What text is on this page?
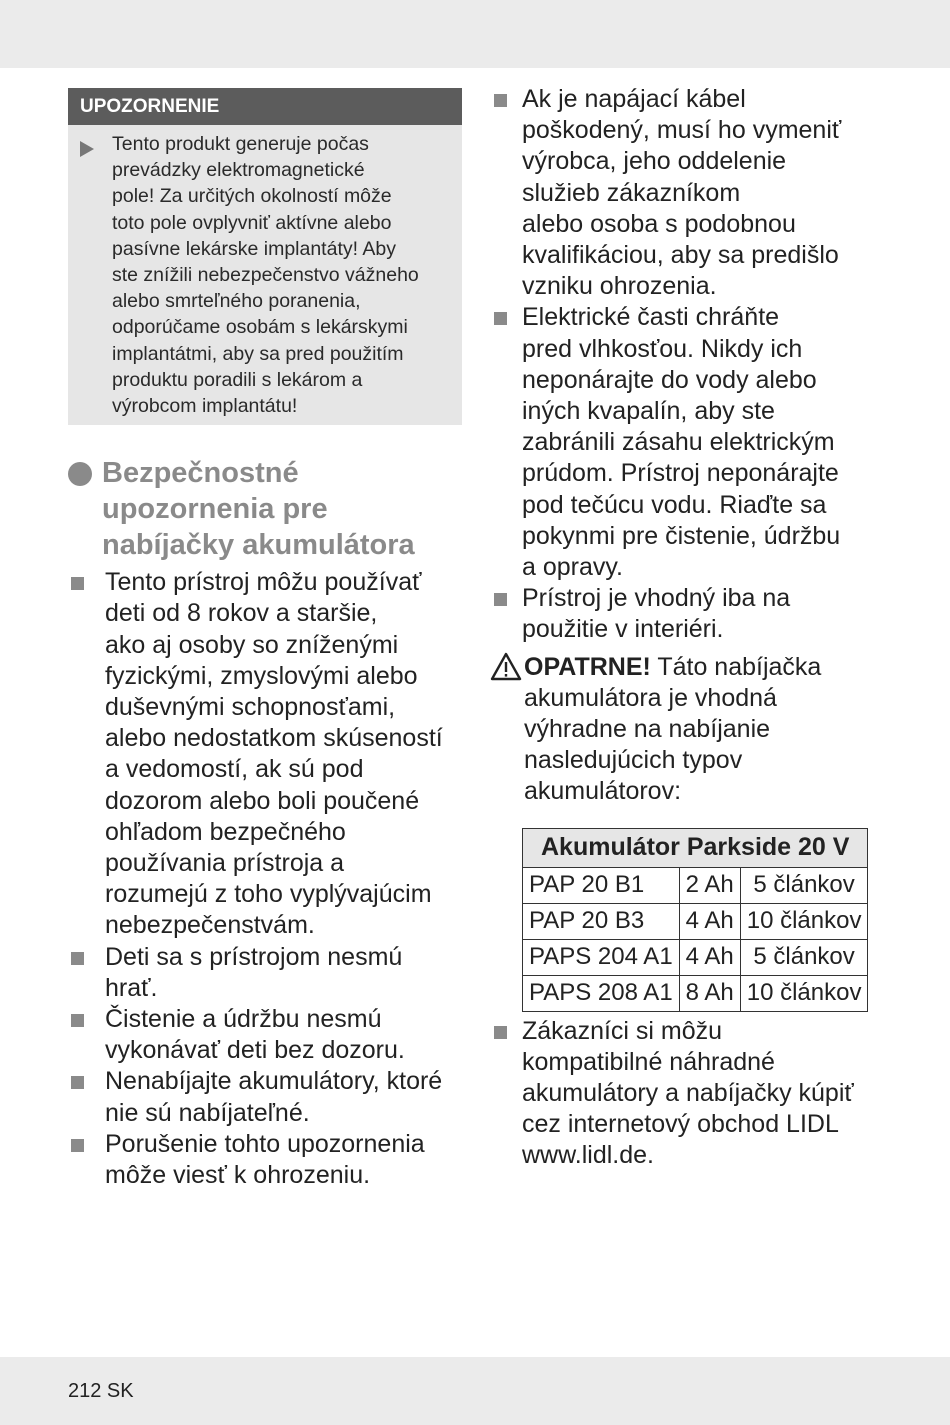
UPOZORNENIE
Tento produkt generuje počas
prevádzky elektromagnetické
pole! Za určitých okolností môže
toto pole ovplyvniť aktívne alebo
pasívne lekárske implantáty! Aby
ste znížili nebezpečenstvo vážneho
alebo smrteľného poranenia,
odporúčame osobám s lekárskymi
implantátmi, aby sa pred použitím
produktu poradili s lekárom a
výrobcom implantátu!
Bezpečnostné
upozornenia pre
nabíjačky akumulátora
Tento prístroj môžu používať
deti od 8 rokov a staršie,
ako aj osoby so zníženými
fyzickými, zmyslovými alebo
duševnými schopnosťami,
alebo nedostatkom skúseností
a vedomostí, ak sú pod
dozorom alebo boli poučené
ohľadom bezpečného
používania prístroja a
rozumejú z toho vyplývajúcim
nebezpečenstvám.
Deti sa s prístrojom nesmú
hrať.
Čistenie a údržbu nesmú
vykonávať deti bez dozoru.
Nenabíjajte akumulátory, ktoré
nie sú nabíjateľné.
Porušenie tohto upozornenia
môže viesť k ohrozeniu.
Ak je napájací kábel
poškodený, musí ho vymeniť
výrobca, jeho oddelenie
služieb zákazníkom
alebo osoba s podobnou
kvalifikáciou, aby sa predišlo
vzniku ohrozenia.
Elektrické časti chráňte
pred vlhkosťou. Nikdy ich
neponárajte do vody alebo
iných kvapalín, aby ste
zabránili zásahu elektrickým
prúdom. Prístroj neponárajte
pod tečúcu vodu. Riaďte sa
pokynmi pre čistenie, údržbu
a opravy.
Prístroj je vhodný iba na
použitie v interiéri.
OPATRNE! Táto nabíjačka
akumulátora je vhodná
výhradne na nabíjanie
nasledujúcich typov
akumulátorov:
Akumulátor Parkside 20 V		
PAP 20 B1	2 Ah	5 článkov
PAP 20 B3	4 Ah	10 článkov
PAPS 204 A1	4 Ah	5 článkov
PAPS 208 A1	8 Ah	10 článkov
Zákazníci si môžu
kompatibilné náhradné
akumulátory a nabíjačky kúpiť
cez internetový obchod LIDL
www.lidl.de.
212 SK
